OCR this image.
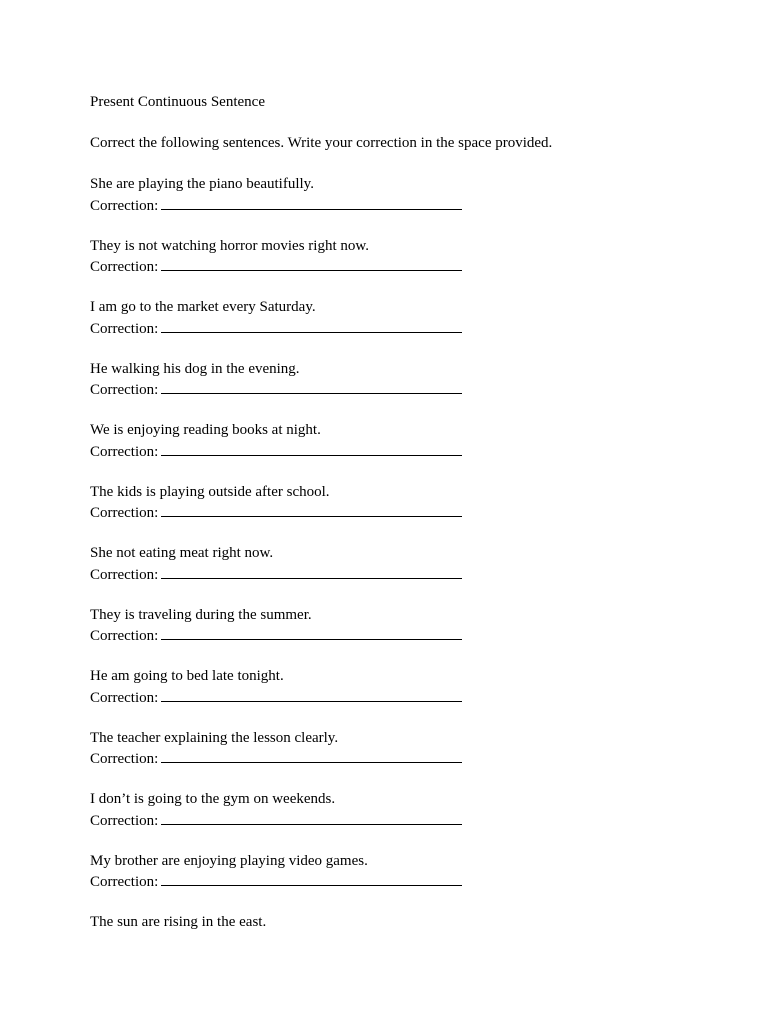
Present Continuous Sentence
Correct the following sentences. Write your correction in the space provided.
She are playing the piano beautifully.
Correction:
They is not watching horror movies right now.
Correction:
I am go to the market every Saturday.
Correction:
He walking his dog in the evening.
Correction:
We is enjoying reading books at night.
Correction:
The kids is playing outside after school.
Correction:
She not eating meat right now.
Correction:
They is traveling during the summer.
Correction:
He am going to bed late tonight.
Correction:
The teacher explaining the lesson clearly.
Correction:
I don’t is going to the gym on weekends.
Correction:
My brother are enjoying playing video games.
Correction:
The sun are rising in the east.
